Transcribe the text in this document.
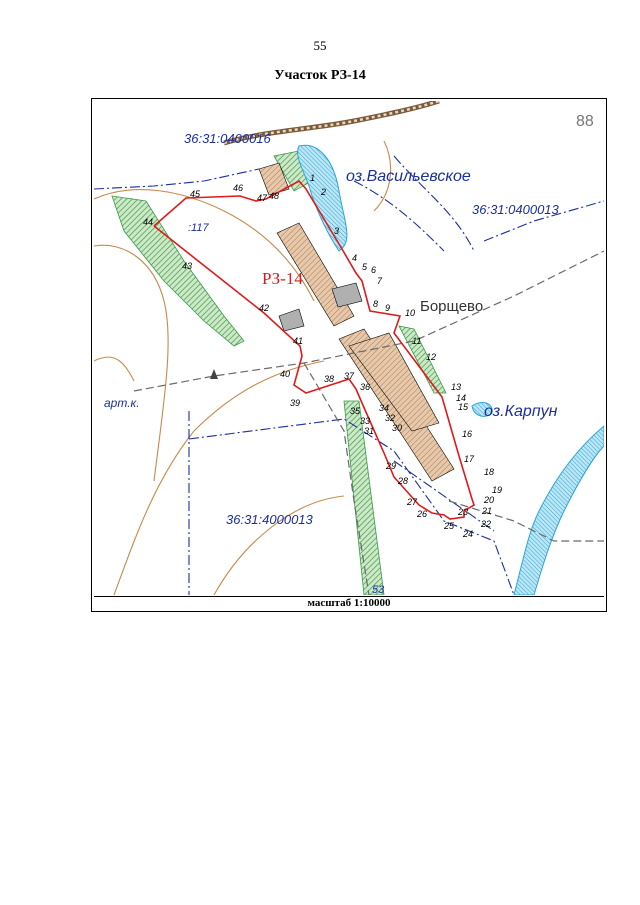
55
Участок РЗ-14
36:31:0400016
36:31:0400013
36:31:4000013
оз.Васильевское
оз.Карпун
Борщево
арт.к.
:117
53
88
РЗ-14
1
2
3
4
5 6
7
8 9 10
11
12
13
14
15
16
17
18
19
20
21
22
23
24
25
26
27
28
29
30
31
32
33
34
35
36
37
38
39
40
41
42
43
44
45
46
47 48
масштаб 1:10000
